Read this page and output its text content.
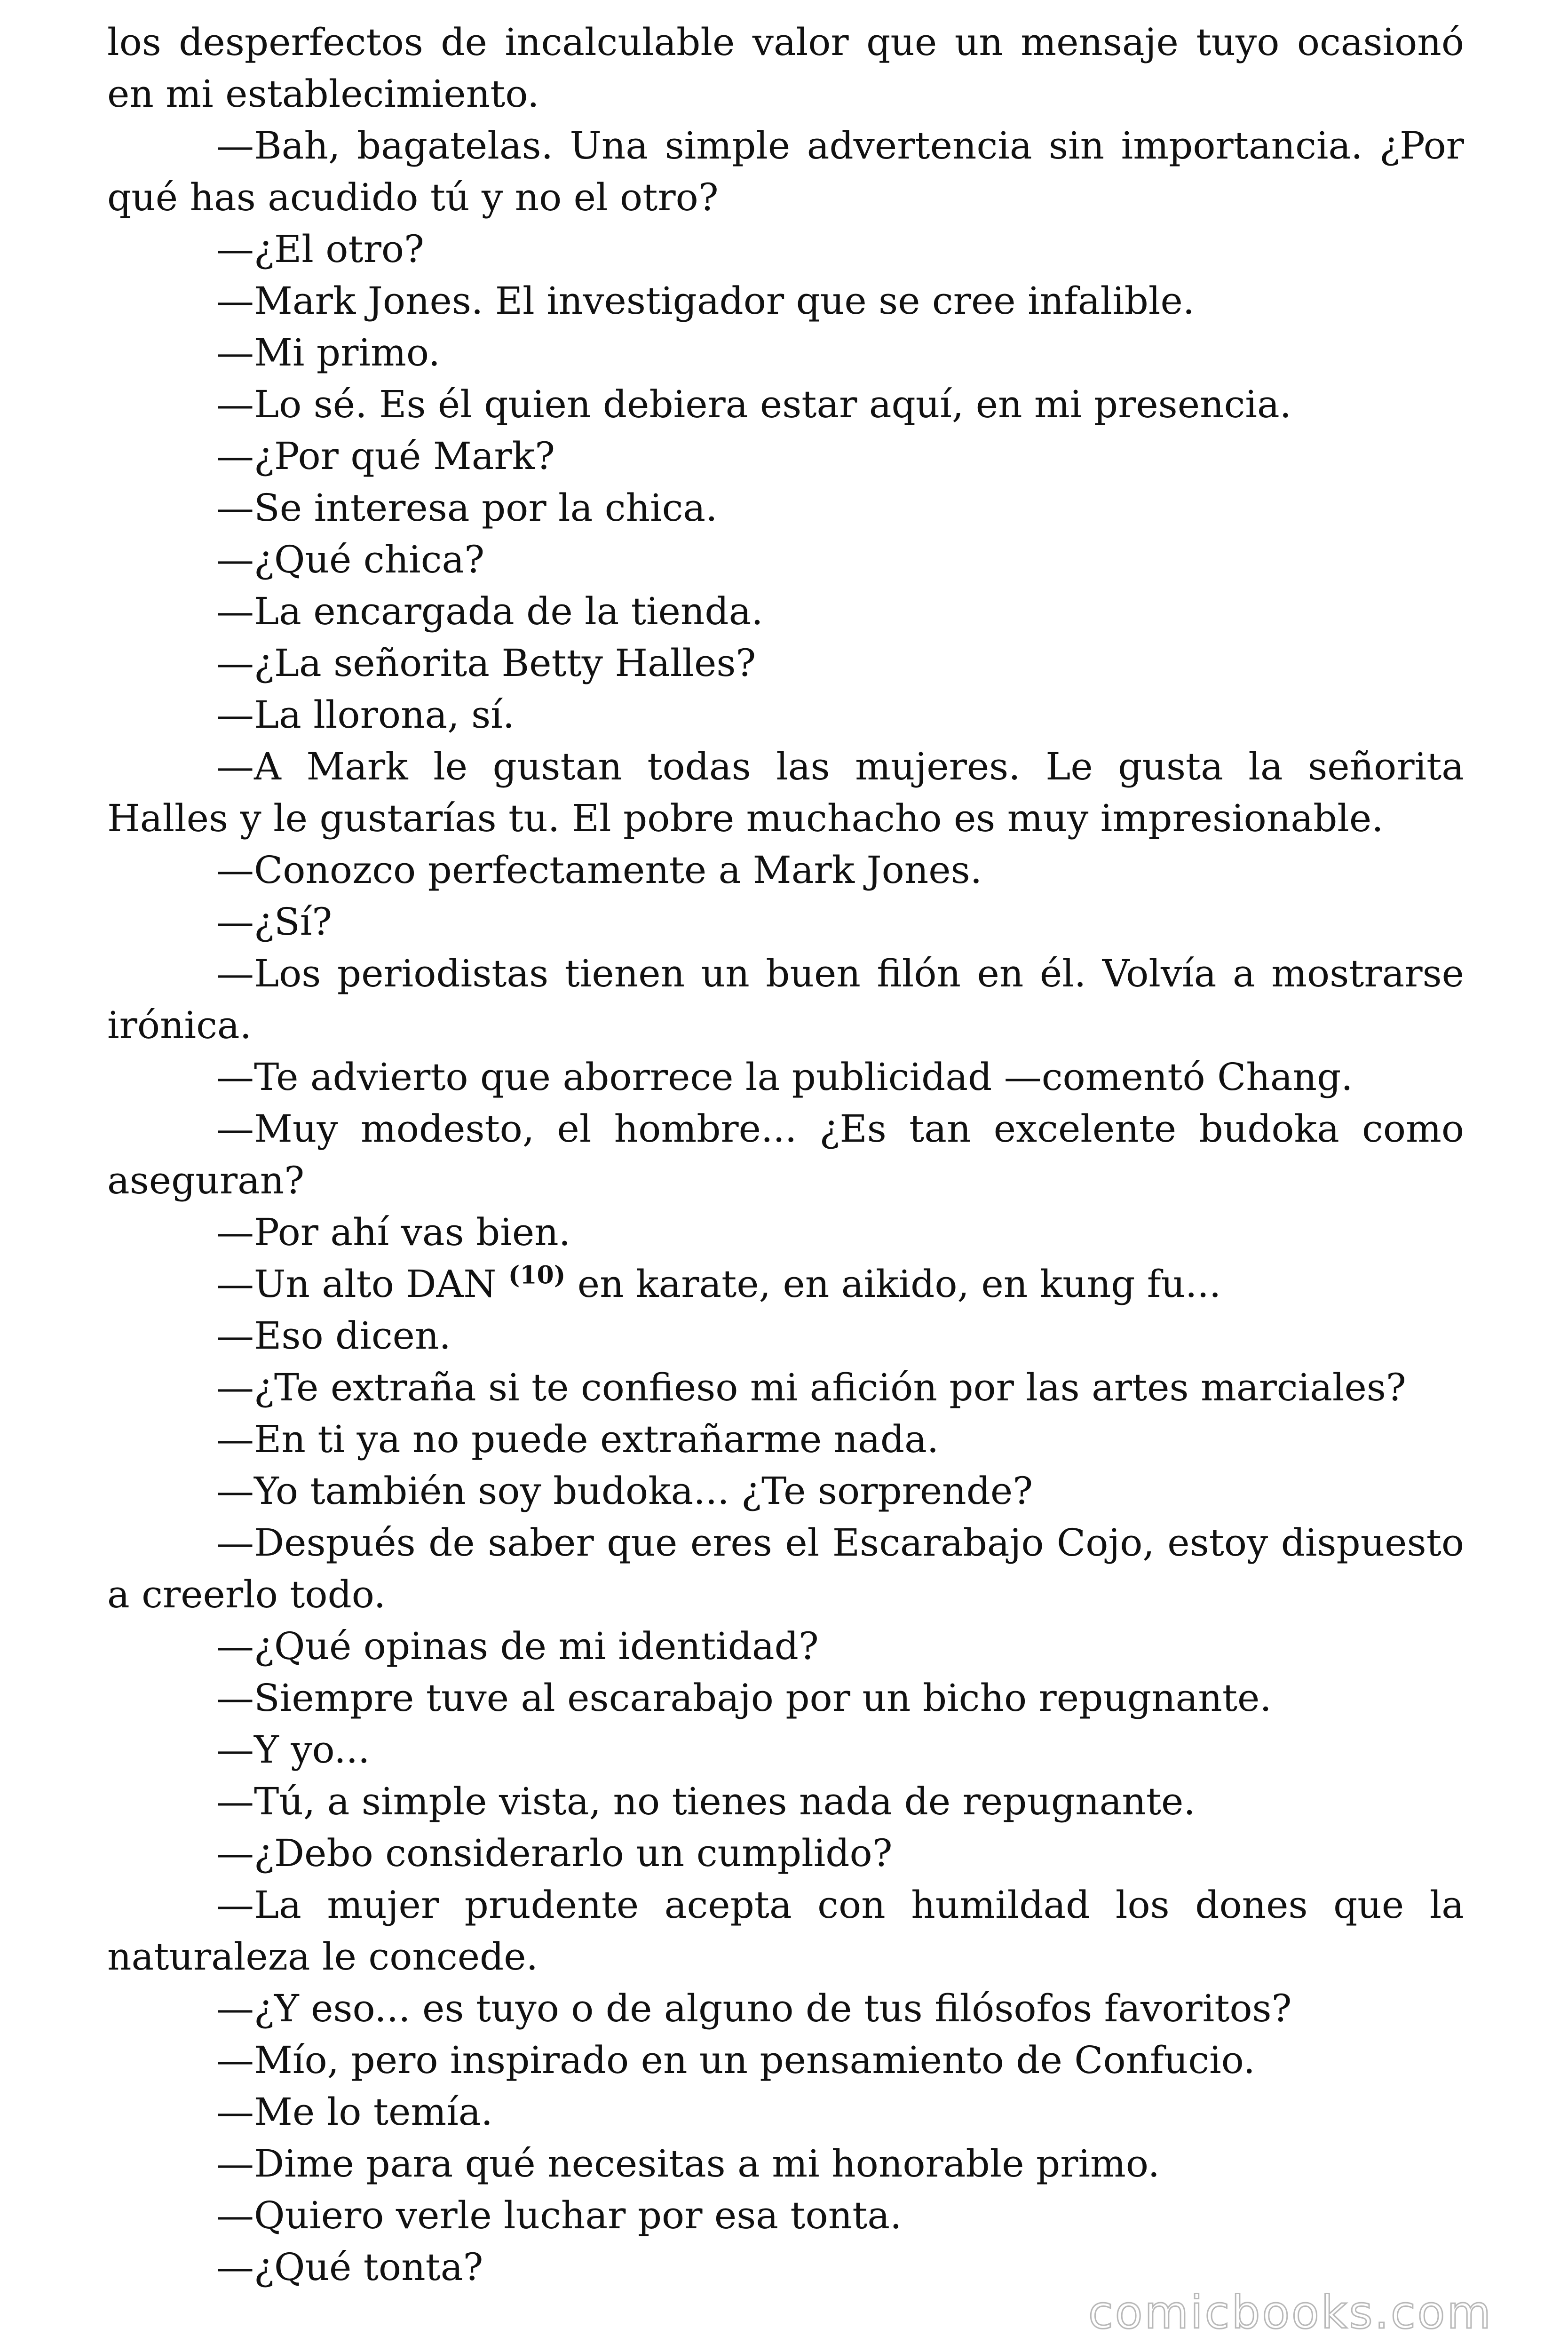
los desperfectos de incalculable valor que un mensaje tuyo ocasionó en mi establecimiento.

—Bah, bagatelas. Una simple advertencia sin importancia. ¿Por qué has acudido tú y no el otro?

—¿El otro?

—Mark Jones. El investigador que se cree infalible.

—Mi primo.

—Lo sé. Es él quien debiera estar aquí, en mi presencia.

—¿Por qué Mark?

—Se interesa por la chica.

—¿Qué chica?

—La encargada de la tienda.

—¿La señorita Betty Halles?

—La llorona, sí.

—A Mark le gustan todas las mujeres. Le gusta la señorita Halles y le gustarías tu. El pobre muchacho es muy impresionable.

—Conozco perfectamente a Mark Jones.

—¿Sí?

—Los periodistas tienen un buen filón en él. Volvía a mostrarse irónica.

—Te advierto que aborrece la publicidad —comentó Chang.

—Muy modesto, el hombre... ¿Es tan excelente budoka como aseguran?

—Por ahí vas bien.

—Un alto DAN $^{(10)}$ en karate, en aikido, en kung fu...

—Eso dicen.

—¿Te extraña si te confieso mi afición por las artes marciales?

—En ti ya no puede extrañarme nada.

—Yo también soy budoka... ¿Te sorprende?

—Después de saber que eres el Escarabajo Cojo, estoy dispuesto a creerlo todo.

—¿Qué opinas de mi identidad?

—Siempre tuve al escarabajo por un bicho repugnante.

—Y yo...

—Tú, a simple vista, no tienes nada de repugnante.

—¿Debo considerarlo un cumplido?

—La mujer prudente acepta con humildad los dones que la naturaleza le concede.

—¿Y eso... es tuyo o de alguno de tus filósofos favoritos?

—Mío, pero inspirado en un pensamiento de Confucio.

—Me lo temía.

—Dime para qué necesitas a mi honorable primo.

—Quiero verle luchar por esa tonta.

—¿Qué tonta?

comicbooks.com
